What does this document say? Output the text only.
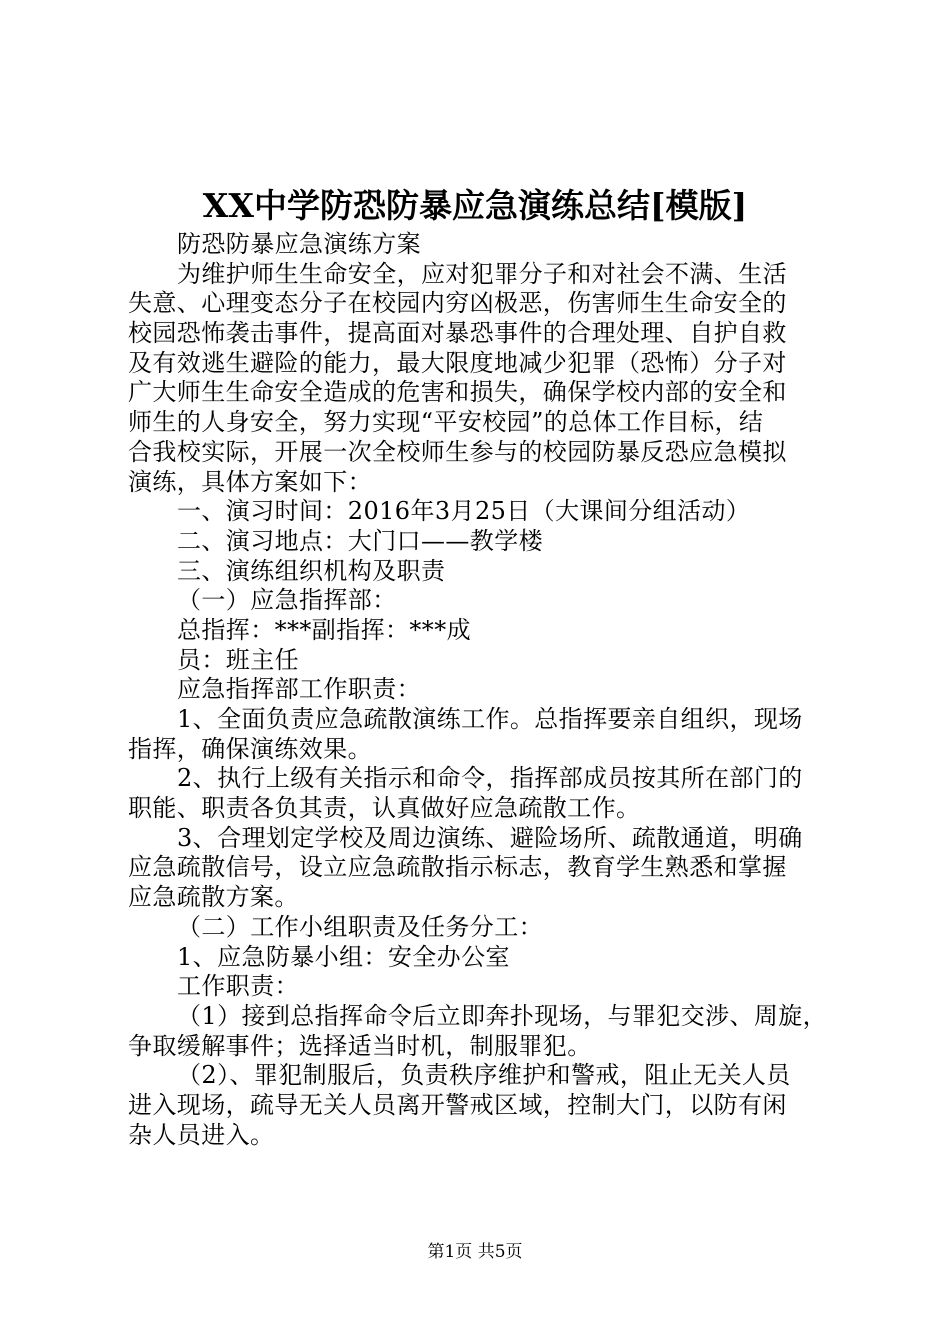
XX中学防恐防暴应急演练总结[模版]
防恐防暴应急演练方案
为维护师生生命安全，应对犯罪分子和对社会不满、生活
失意、心理变态分子在校园内穷凶极恶，伤害师生生命安全的
校园恐怖袭击事件，提高面对暴恐事件的合理处理、自护自救
及有效逃生避险的能力，最大限度地减少犯罪（恐怖）分子对
广大师生生命安全造成的危害和损失，确保学校内部的安全和
师生的人身安全，努力实现“平安校园”的总体工作目标，结
合我校实际，开展一次全校师生参与的校园防暴反恐应急模拟
演练，具体方案如下：
一、演习时间：2016年3月25日（大课间分组活动）
二、演习地点：大门口——教学楼
三、演练组织机构及职责
（一）应急指挥部：
总指挥：***副指挥：***成
员：班主任
应急指挥部工作职责：
1、全面负责应急疏散演练工作。总指挥要亲自组织，现场
指挥，确保演练效果。
2、执行上级有关指示和命令，指挥部成员按其所在部门的
职能、职责各负其责，认真做好应急疏散工作。
3、合理划定学校及周边演练、避险场所、疏散通道，明确
应急疏散信号，设立应急疏散指示标志，教育学生熟悉和掌握
应急疏散方案。
（二）工作小组职责及任务分工：
1、应急防暴小组：安全办公室
工作职责：
（1）接到总指挥命令后立即奔扑现场，与罪犯交涉、周旋，
争取缓解事件；选择适当时机，制服罪犯。
（2）、罪犯制服后，负责秩序维护和警戒，阻止无关人员
进入现场，疏导无关人员离开警戒区域，控制大门，以防有闲
杂人员进入。
第1页 共5页
